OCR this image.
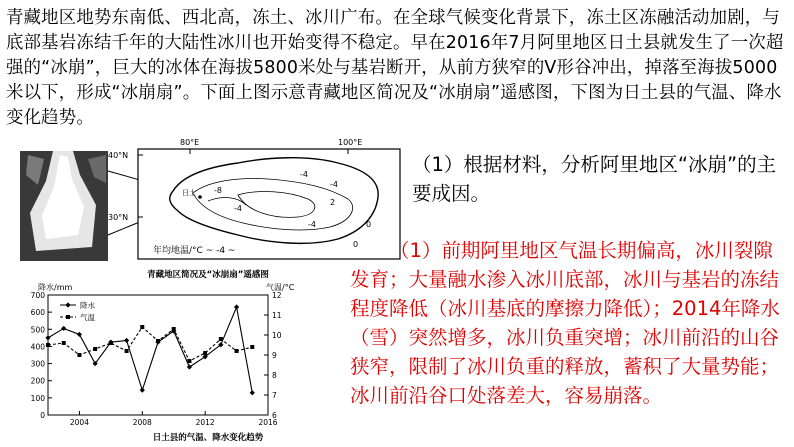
青藏地区地势东南低、西北高，冻土、冰川广布。在全球气候变化背景下，冻土区冻融活动加剧，与底部基岩冻结千年的大陆性冰川也开始变得不稳定。早在2016年7月阿里地区日土县就发生了一次超强的“冰崩”，巨大的冰体在海拔5800米处与基岩断开，从前方狭窄的V形谷冲出，掉落至海拔5000米以下，形成“冰崩扇”。下面上图示意青藏地区简况及“冰崩扇”遥感图，下图为日土县的气温、降水变化趋势。
80°E	100°E
40°N
30°N
-8
-4
-4
-4
-4	0
2
0
日土
年均地温/°C ~ -4 ~
青藏地区简况及“冰崩扇”遥感图
降水/mm	气温/°C
0
100
200
300
400
500
600
700
6
7
8
9
10
11
12
2004	2008	2012	2016
降水
气温
日土县的气温、降水变化趋势
（1）根据材料，分析阿里地区“冰崩”的主要成因。
（1）前期阿里地区气温长期偏高，冰川裂隙发育；大量融水渗入冰川底部，冰川与基岩的冻结程度降低（冰川基底的摩擦力降低）；2014年降水（雪）突然增多，冰川负重突增；冰川前沿的山谷狭窄，限制了冰川负重的释放，蓄积了大量势能；冰川前沿谷口处落差大，容易崩落。
